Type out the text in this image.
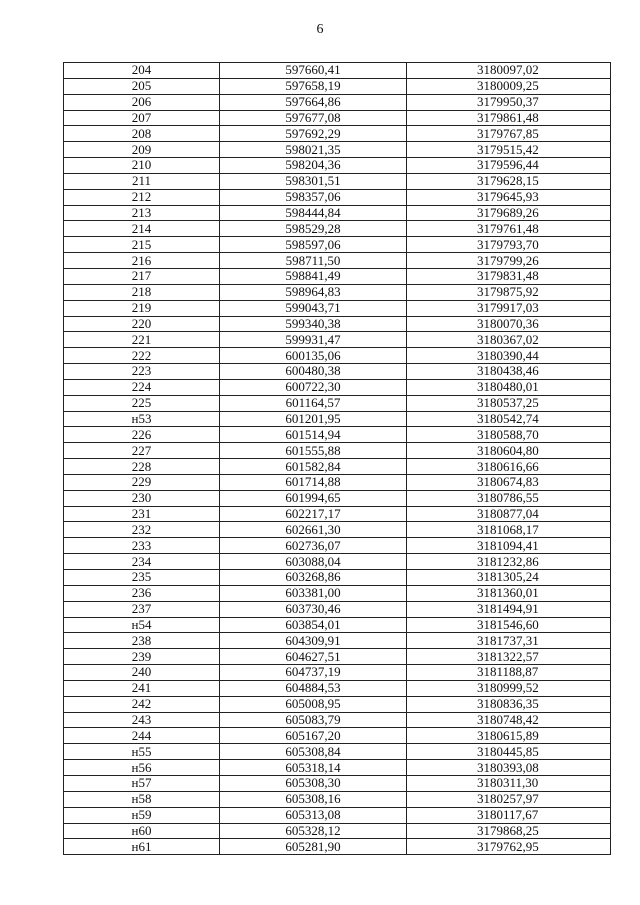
6
204	597660,41	3180097,02
205	597658,19	3180009,25
206	597664,86	3179950,37
207	597677,08	3179861,48
208	597692,29	3179767,85
209	598021,35	3179515,42
210	598204,36	3179596,44
211	598301,51	3179628,15
212	598357,06	3179645,93
213	598444,84	3179689,26
214	598529,28	3179761,48
215	598597,06	3179793,70
216	598711,50	3179799,26
217	598841,49	3179831,48
218	598964,83	3179875,92
219	599043,71	3179917,03
220	599340,38	3180070,36
221	599931,47	3180367,02
222	600135,06	3180390,44
223	600480,38	3180438,46
224	600722,30	3180480,01
225	601164,57	3180537,25
н53	601201,95	3180542,74
226	601514,94	3180588,70
227	601555,88	3180604,80
228	601582,84	3180616,66
229	601714,88	3180674,83
230	601994,65	3180786,55
231	602217,17	3180877,04
232	602661,30	3181068,17
233	602736,07	3181094,41
234	603088,04	3181232,86
235	603268,86	3181305,24
236	603381,00	3181360,01
237	603730,46	3181494,91
н54	603854,01	3181546,60
238	604309,91	3181737,31
239	604627,51	3181322,57
240	604737,19	3181188,87
241	604884,53	3180999,52
242	605008,95	3180836,35
243	605083,79	3180748,42
244	605167,20	3180615,89
н55	605308,84	3180445,85
н56	605318,14	3180393,08
н57	605308,30	3180311,30
н58	605308,16	3180257,97
н59	605313,08	3180117,67
н60	605328,12	3179868,25
н61	605281,90	3179762,95
